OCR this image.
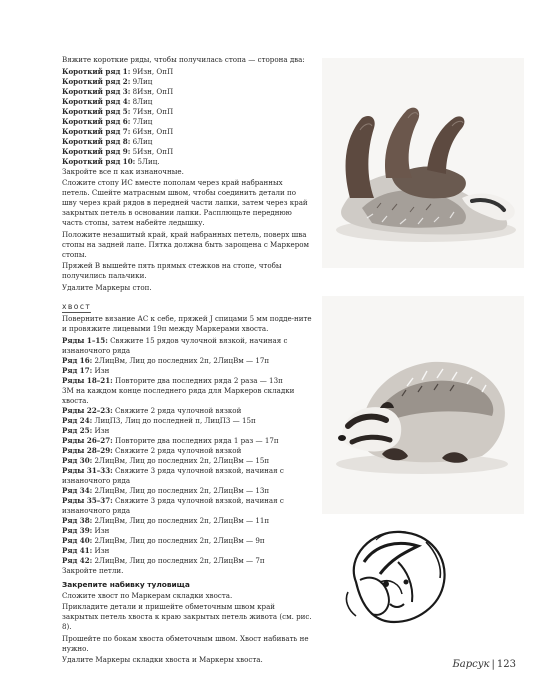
Вяжите короткие ряды, чтобы получилась стопа — сторона два:

Короткий ряд 1: 9Изн, ОпП

Короткий ряд 2: 9Лиц

Короткий ряд 3: 8Изн, ОпП

Короткий ряд 4: 8Лиц

Короткий ряд 5: 7Изн, ОпП

Короткий ряд 6: 7Лиц

Короткий ряд 7: 6Изн, ОпП

Короткий ряд 8: 6Лиц

Короткий ряд 9: 5Изн, ОпП

Короткий ряд 10: 5Лиц.

Закройте все п как изнаночные.

Сложите стопу ИС вместе пополам через край набранных петель. Сшейте матрасным швом, чтобы соединить детали по шву через край рядов в передней части лапки, затем через край закрытых петель в основании лапки. Расплющьте переднюю часть стопы, затем набейте ледышку.

Положите незашитый край, край набранных петель, поверх шва стопы на задней лапе. Пятка должна быть зарощена с Маркером стопы.

Пряжей В вышейте пять прямых стежков на стопе, чтобы получились пальчики.

Удалите Маркеры стоп.

хвост

Поверните вязание АС к себе, пряжей J спицами 5 мм подде-ните и провяжите лицевыми 19п между Маркерами хвоста.

Ряды 1–15: Свяжите 15 рядов чулочной вязкой, начиная с изнаночного ряда

Ряд 16: 2ЛицВм, Лиц до последних 2п, 2ЛицВм — 17п

Ряд 17: Изн

Ряды 18–21: Повторите два последних ряда 2 раза — 13п

3М на каждом конце последнего ряда для Маркеров складки хвоста.

Ряды 22–23: Свяжите 2 ряда чулочной вязкой

Ряд 24: ЛицП3, Лиц до последней п, ЛицП3 — 15п

Ряд 25: Изн

Ряды 26–27: Повторите два последних ряда 1 раз — 17п

Ряды 28–29: Свяжите 2 ряда чулочной вязкой

Ряд 30: 2ЛицВм, Лиц до последних 2п, 2ЛицВм — 15п

Ряды 31–33: Свяжите 3 ряда чулочной вязкой, начиная с изнаночного ряда

Ряд 34: 2ЛицВм, Лиц до последних 2п, 2ЛицВм — 13п

Ряды 35–37: Свяжите 3 ряда чулочной вязкой, начиная с изнаночного ряда

Ряд 38: 2ЛицВм, Лиц до последних 2п, 2ЛицВм — 11п

Ряд 39: Изн

Ряд 40: 2ЛицВм, Лиц до последних 2п, 2ЛицВм — 9п

Ряд 41: Изн

Ряд 42: 2ЛицВм, Лиц до последних 2п, 2ЛицВм — 7п

Закройте петли.

Закрепите набивку туловища

Сложите хвост по Маркерам складки хвоста.

Прикладите детали и пришейте обметочным швом край закрытых петель хвоста к краю закрытых петель живота (см. рис. 8).

Прошейте по бокам хвоста обметочным швом. Хвост набивать не нужно.

Удалите Маркеры складки хвоста и Маркеры хвоста.	Барсук | 123
